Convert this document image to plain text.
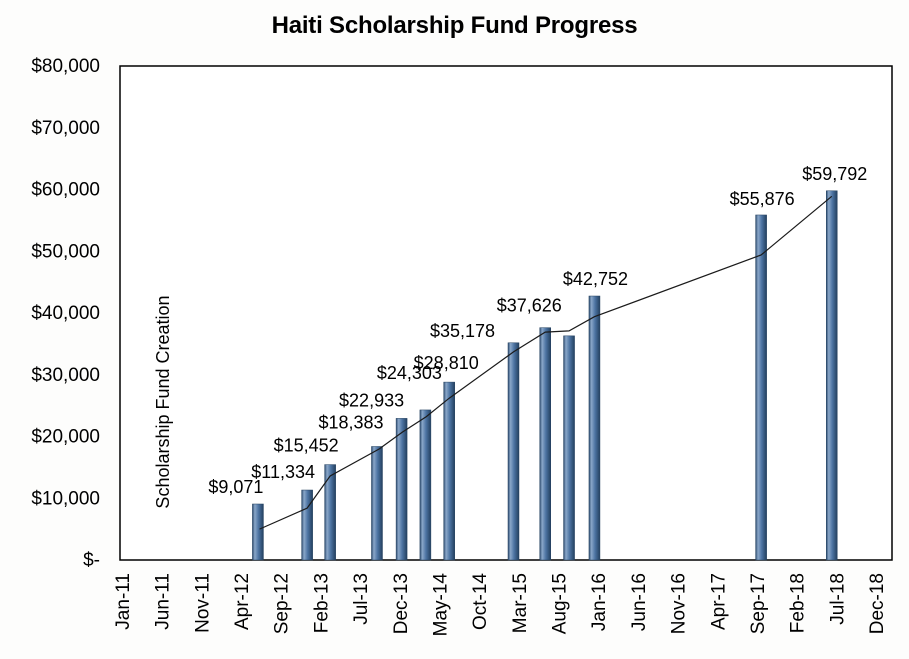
Haiti Scholarship Fund Progress
$-
$10,000
$20,000
$30,000
$40,000
$50,000
$60,000
$70,000
$80,000
Jan-11 Jun-11 Nov-11 Apr-12 Sep-12 Feb-13 Jul-13 Dec-13 May-14 Oct-14 Mar-15 Aug-15 Jan-16 Jun-16 Nov-16 Apr-17 Sep-17 Feb-18 Jul-18 Dec-18
Scholarship Fund Creation $9,071
$11,334
$15,452
$18,383
$22,933
$24,303
$28,810
$35,178
$37,626
$42,752
$55,876
$59,792
